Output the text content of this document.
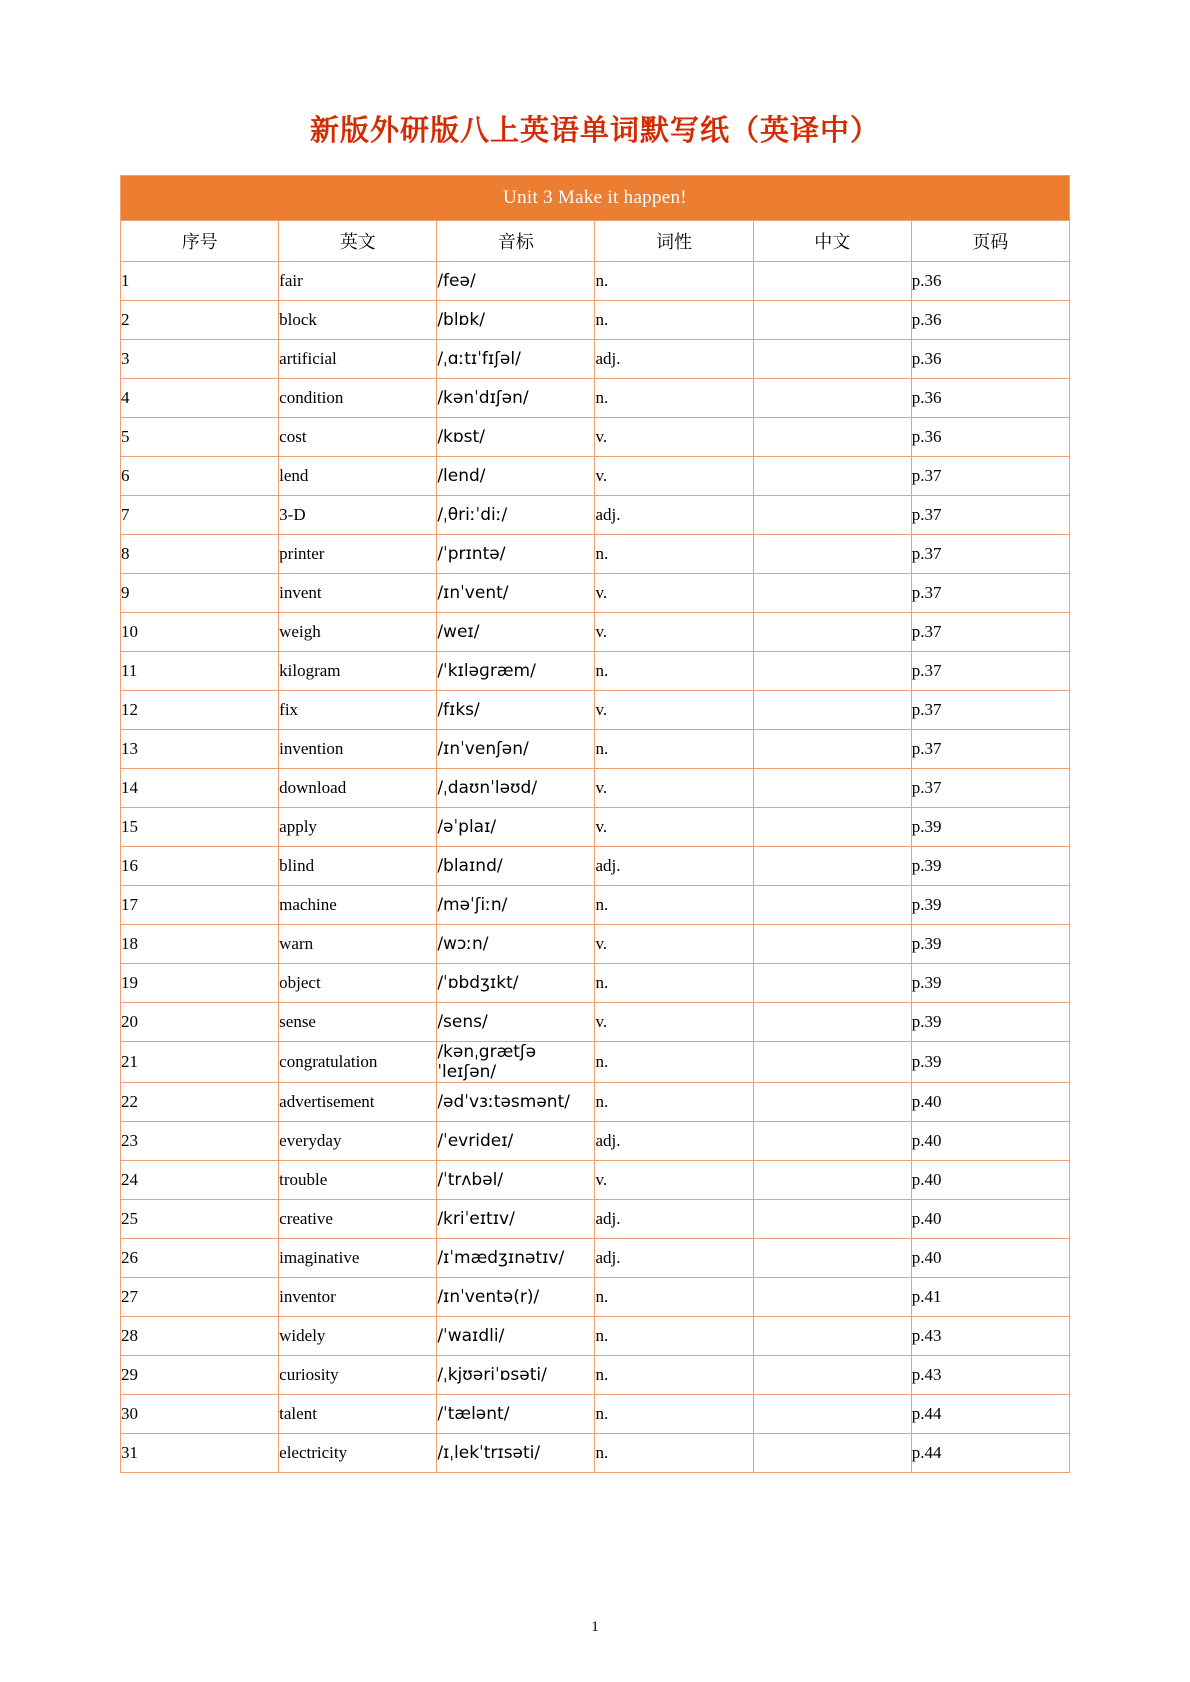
新版外研版八上英语单词默写纸（英译中）
Unit 3 Make it happen!					
序号	英文	音标	词性	中文	页码
1	fair	/feə/	n.		p.36
2	block	/blɒk/	n.		p.36
3	artificial	/ˌɑːtɪˈfɪʃəl/	adj.		p.36
4	condition	/kənˈdɪʃən/	n.		p.36
5	cost	/kɒst/	v.		p.36
6	lend	/lend/	v.		p.37
7	3-D	/ˌθriːˈdiː/	adj.		p.37
8	printer	/ˈprɪntə/	n.		p.37
9	invent	/ɪnˈvent/	v.		p.37
10	weigh	/weɪ/	v.		p.37
11	kilogram	/ˈkɪləɡræm/	n.		p.37
12	fix	/fɪks/	v.		p.37
13	invention	/ɪnˈvenʃən/	n.		p.37
14	download	/ˌdaʊnˈləʊd/	v.		p.37
15	apply	/əˈplaɪ/	v.		p.39
16	blind	/blaɪnd/	adj.		p.39
17	machine	/məˈʃiːn/	n.		p.39
18	warn	/wɔːn/	v.		p.39
19	object	/ˈɒbdʒɪkt/	n.		p.39
20	sense	/sens/	v.		p.39
21	congratulation	/kənˌgrætʃəˈleɪʃən/	n.		p.39
22	advertisement	/ədˈvɜːtəsmənt/	n.		p.40
23	everyday	/ˈevrideɪ/	adj.		p.40
24	trouble	/ˈtrʌbəl/	v.		p.40
25	creative	/kriˈeɪtɪv/	adj.		p.40
26	imaginative	/ɪˈmædʒɪnətɪv/	adj.		p.40
27	inventor	/ɪnˈventə(r)/	n.		p.41
28	widely	/ˈwaɪdli/	n.		p.43
29	curiosity	/ˌkjʊəriˈɒsəti/	n.		p.43
30	talent	/ˈtælənt/	n.		p.44
31	electricity	/ɪˌlekˈtrɪsəti/	n.		p.44
1
